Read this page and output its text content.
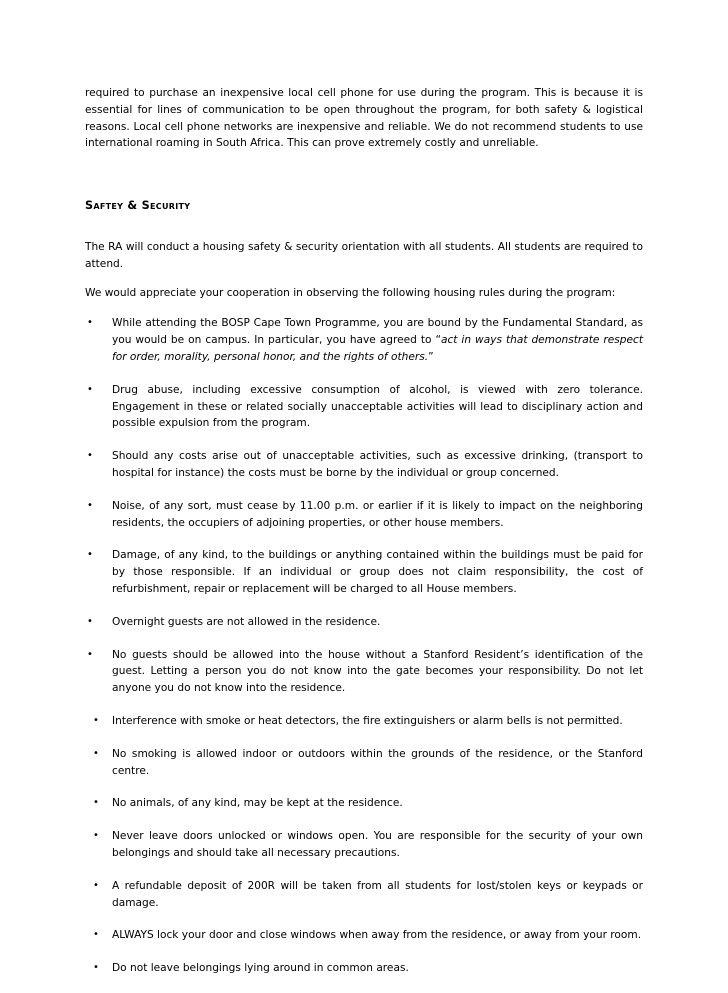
required to purchase an inexpensive local cell phone for use during the program. This is because it is essential for lines of communication to be open throughout the program, for both safety & logistical reasons. Local cell phone networks are inexpensive and reliable. We do not recommend students to use international roaming in South Africa. This can prove extremely costly and unreliable.

Saftey & Security

The RA will conduct a housing safety & security orientation with all students. All students are required to attend.

We would appreciate your cooperation in observing the following housing rules during the program:

• While attending the BOSP Cape Town Programme, you are bound by the Fundamental Standard, as you would be on campus. In particular, you have agreed to “act in ways that demonstrate respect for order, morality, personal honor, and the rights of others.”
• Drug abuse, including excessive consumption of alcohol, is viewed with zero tolerance. Engagement in these or related socially unacceptable activities will lead to disciplinary action and possible expulsion from the program.
• Should any costs arise out of unacceptable activities, such as excessive drinking, (transport to hospital for instance) the costs must be borne by the individual or group concerned.
• Noise, of any sort, must cease by 11.00 p.m. or earlier if it is likely to impact on the neighboring residents, the occupiers of adjoining properties, or other house members.
• Damage, of any kind, to the buildings or anything contained within the buildings must be paid for by those responsible. If an individual or group does not claim responsibility, the cost of refurbishment, repair or replacement will be charged to all House members.
• Overnight guests are not allowed in the residence.
• No guests should be allowed into the house without a Stanford Resident’s identification of the guest. Letting a person you do not know into the gate becomes your responsibility. Do not let anyone you do not know into the residence.
• Interference with smoke or heat detectors, the fire extinguishers or alarm bells is not permitted.
• No smoking is allowed indoor or outdoors within the grounds of the residence, or the Stanford centre.
• No animals, of any kind, may be kept at the residence.
• Never leave doors unlocked or windows open. You are responsible for the security of your own belongings and should take all necessary precautions.
• A refundable deposit of 200R will be taken from all students for lost/stolen keys or keypads or damage.
• ALWAYS lock your door and close windows when away from the residence, or away from your room.
• Do not leave belongings lying around in common areas.
